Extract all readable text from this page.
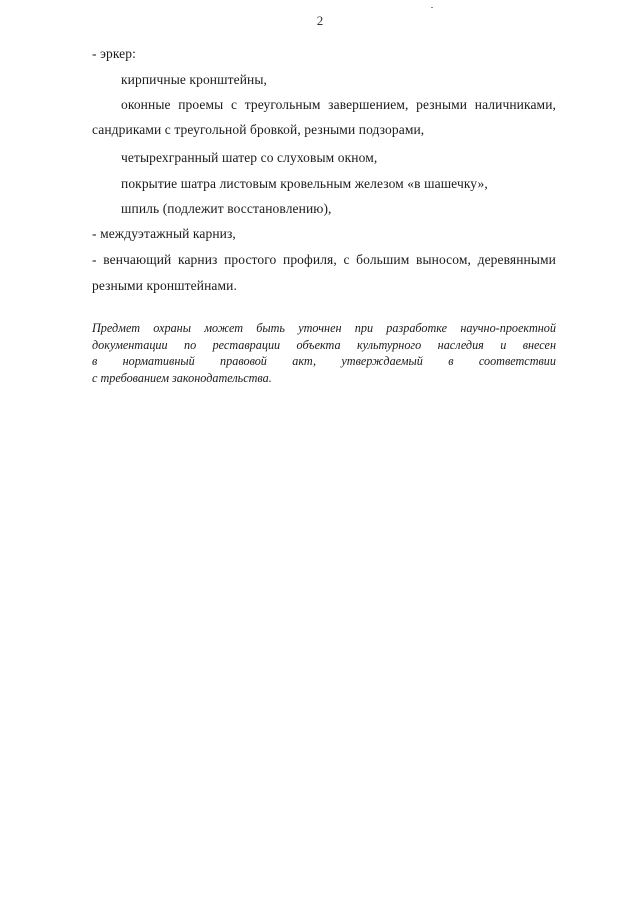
2
- эркер:
кирпичные кронштейны,
оконные проемы с треугольным завершением, резными наличниками,
сандриками с треугольной бровкой, резными подзорами,
четырехгранный шатер со слуховым окном,
покрытие шатра листовым кровельным железом «в шашечку»,
шпиль (подлежит восстановлению),
- междуэтажный карниз,
- венчающий карниз простого профиля, с большим выносом, деревянными
резными кронштейнами.
Предмет охраны может быть уточнен при разработке научно-проектной
документации по реставрации объекта культурного наследия и внесен
в нормативный правовой акт, утверждаемый в соответствии
с требованием законодательства.
